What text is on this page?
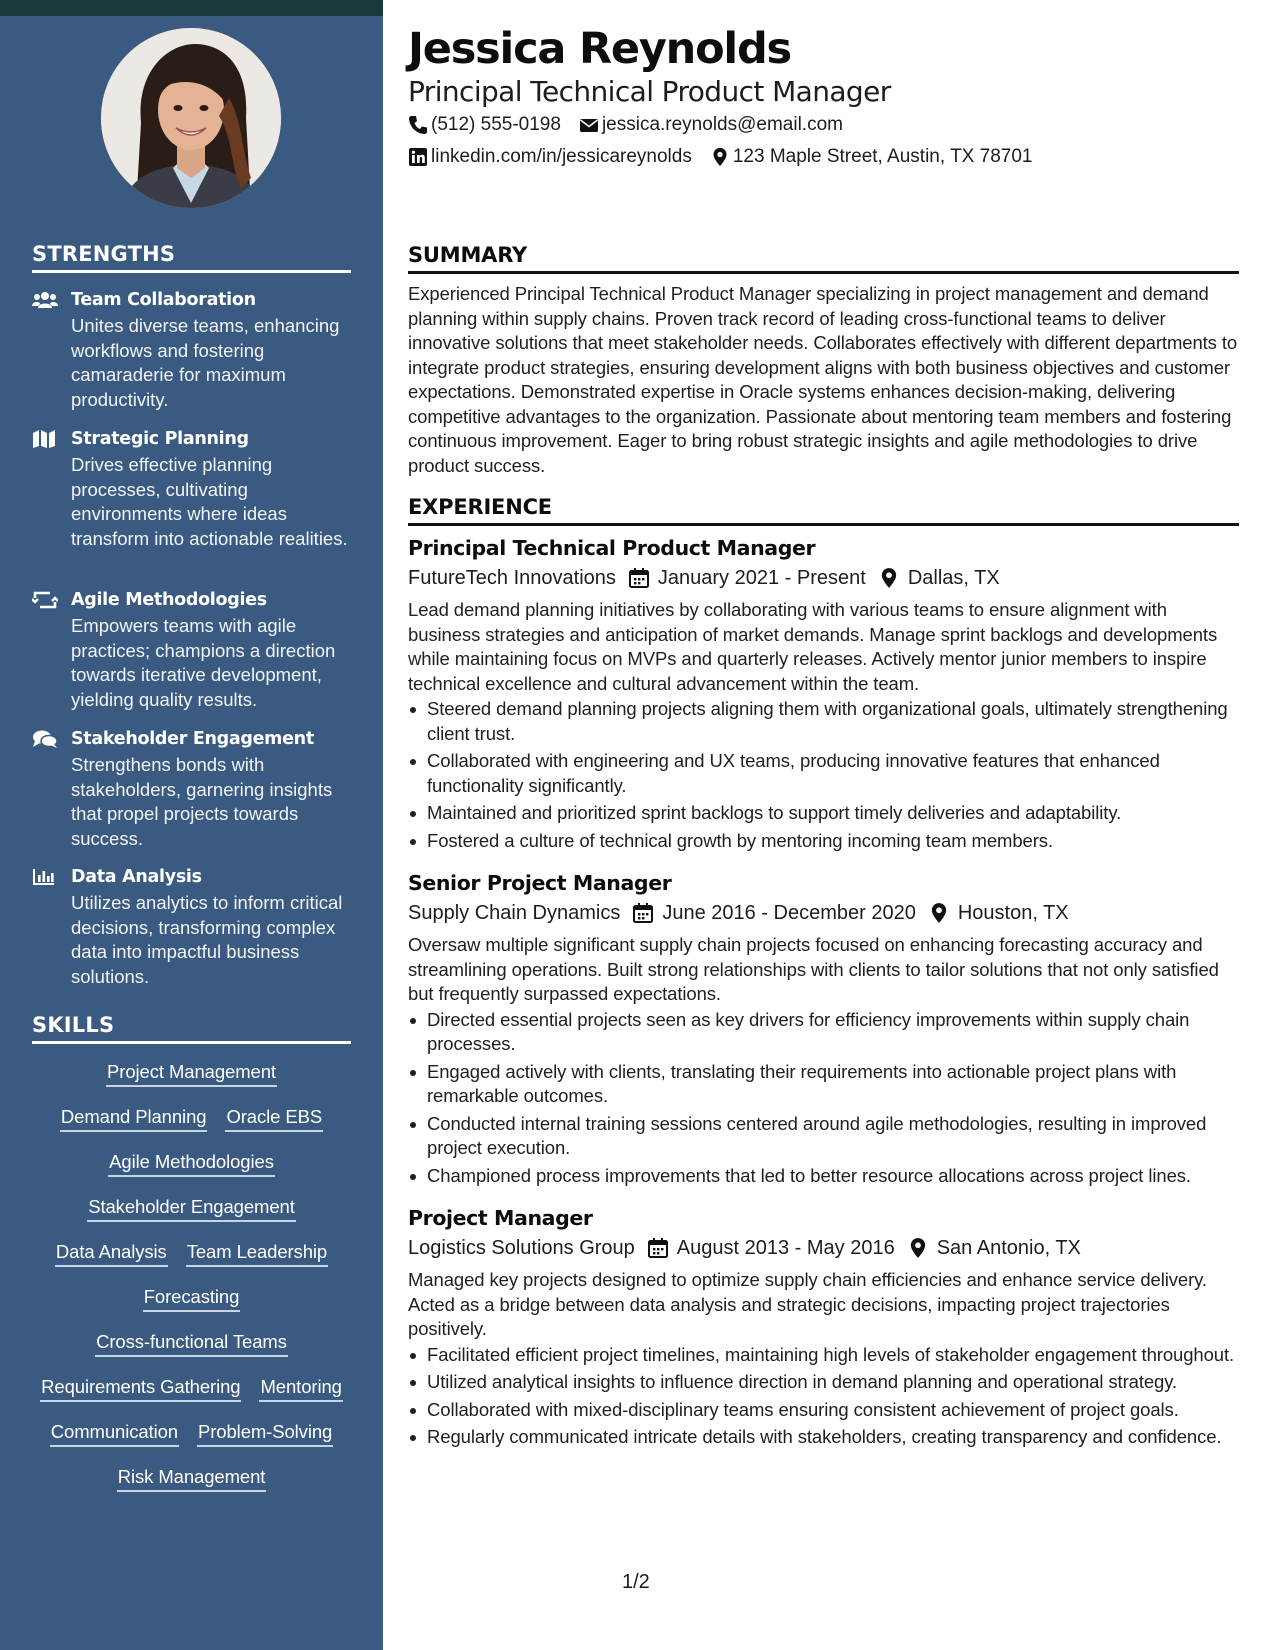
STRENGTHS
Team Collaboration
Unites diverse teams, enhancing workflows and fostering camaraderie for maximum productivity.
Strategic Planning
Drives effective planning processes, cultivating environments where ideas transform into actionable realities.
Agile Methodologies
Empowers teams with agile practices; champions a direction towards iterative development, yielding quality results.
Stakeholder Engagement
Strengthens bonds with stakeholders, garnering insights that propel projects towards success.
Data Analysis
Utilizes analytics to inform critical decisions, transforming complex data into impactful business solutions.
SKILLS
Project Management
Demand Planning Oracle EBS
Agile Methodologies
Stakeholder Engagement
Data Analysis Team Leadership
Forecasting
Cross-functional Teams
Requirements Gathering Mentoring
Communication Problem-Solving
Risk Management
Jessica Reynolds
Principal Technical Product Manager
(512) 555-0198 jessica.reynolds@email.com
linkedin.com/in/jessicareynolds 123 Maple Street, Austin, TX 78701
SUMMARY
Experienced Principal Technical Product Manager specializing in project management and demand planning within supply chains. Proven track record of leading cross-functional teams to deliver innovative solutions that meet stakeholder needs. Collaborates effectively with different departments to integrate product strategies, ensuring development aligns with both business objectives and customer expectations. Demonstrated expertise in Oracle systems enhances decision-making, delivering competitive advantages to the organization. Passionate about mentoring team members and fostering continuous improvement. Eager to bring robust strategic insights and agile methodologies to drive product success.
EXPERIENCE
Principal Technical Product Manager
FutureTech Innovations January 2021 - Present Dallas, TX
Lead demand planning initiatives by collaborating with various teams to ensure alignment with business strategies and anticipation of market demands. Manage sprint backlogs and developments while maintaining focus on MVPs and quarterly releases. Actively mentor junior members to inspire technical excellence and cultural advancement within the team.
Steered demand planning projects aligning them with organizational goals, ultimately strengthening client trust.
Collaborated with engineering and UX teams, producing innovative features that enhanced functionality significantly.
Maintained and prioritized sprint backlogs to support timely deliveries and adaptability.
Fostered a culture of technical growth by mentoring incoming team members.
Senior Project Manager
Supply Chain Dynamics June 2016 - December 2020 Houston, TX
Oversaw multiple significant supply chain projects focused on enhancing forecasting accuracy and streamlining operations. Built strong relationships with clients to tailor solutions that not only satisfied but frequently surpassed expectations.
Directed essential projects seen as key drivers for efficiency improvements within supply chain processes.
Engaged actively with clients, translating their requirements into actionable project plans with remarkable outcomes.
Conducted internal training sessions centered around agile methodologies, resulting in improved project execution.
Championed process improvements that led to better resource allocations across project lines.
Project Manager
Logistics Solutions Group August 2013 - May 2016 San Antonio, TX
Managed key projects designed to optimize supply chain efficiencies and enhance service delivery. Acted as a bridge between data analysis and strategic decisions, impacting project trajectories positively.
Facilitated efficient project timelines, maintaining high levels of stakeholder engagement throughout.
Utilized analytical insights to influence direction in demand planning and operational strategy.
Collaborated with mixed-disciplinary teams ensuring consistent achievement of project goals.
Regularly communicated intricate details with stakeholders, creating transparency and confidence.
1/2
